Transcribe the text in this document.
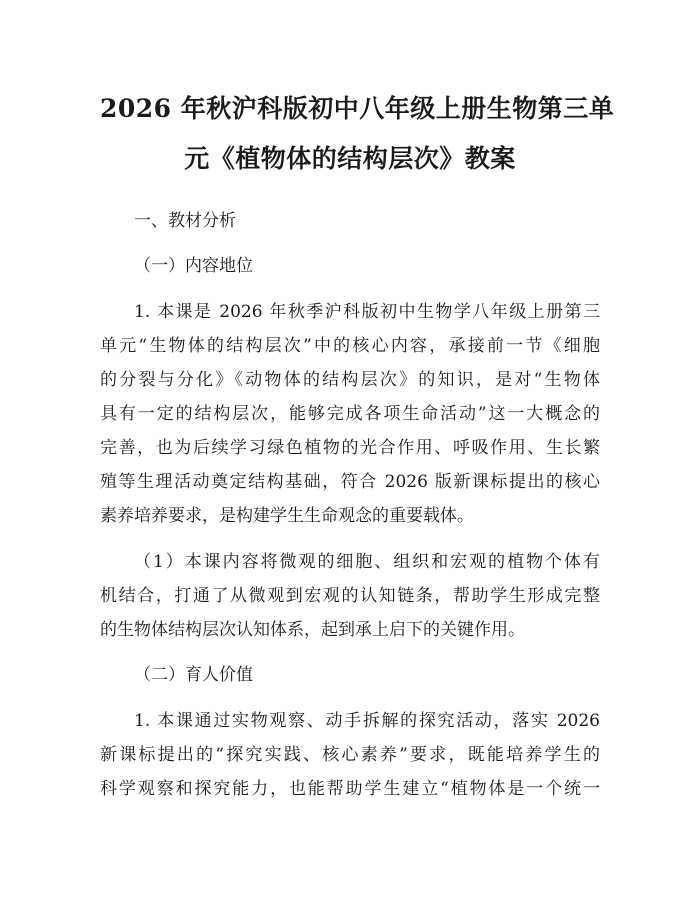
2026 年秋沪科版初中八年级上册生物第三单
元《植物体的结构层次》教案

一、教材分析

（一）内容地位

1. 本课是 2026 年秋季沪科版初中生物学八年级上册第三
单元“生物体的结构层次”中的核心内容，承接前一节《细胞
的分裂与分化》《动物体的结构层次》的知识，是对“生物体
具有一定的结构层次，能够完成各项生命活动”这一大概念的
完善，也为后续学习绿色植物的光合作用、呼吸作用、生长繁
殖等生理活动奠定结构基础，符合 2026 版新课标提出的核心
素养培养要求，是构建学生生命观念的重要载体。
（1）本课内容将微观的细胞、组织和宏观的植物个体有
机结合，打通了从微观到宏观的认知链条，帮助学生形成完整
的生物体结构层次认知体系，起到承上启下的关键作用。

（二）育人价值

1. 本课通过实物观察、动手拆解的探究活动，落实 2026
新课标提出的“探究实践、核心素养”要求，既能培养学生的
科学观察和探究能力，也能帮助学生建立“植物体是一个统一
